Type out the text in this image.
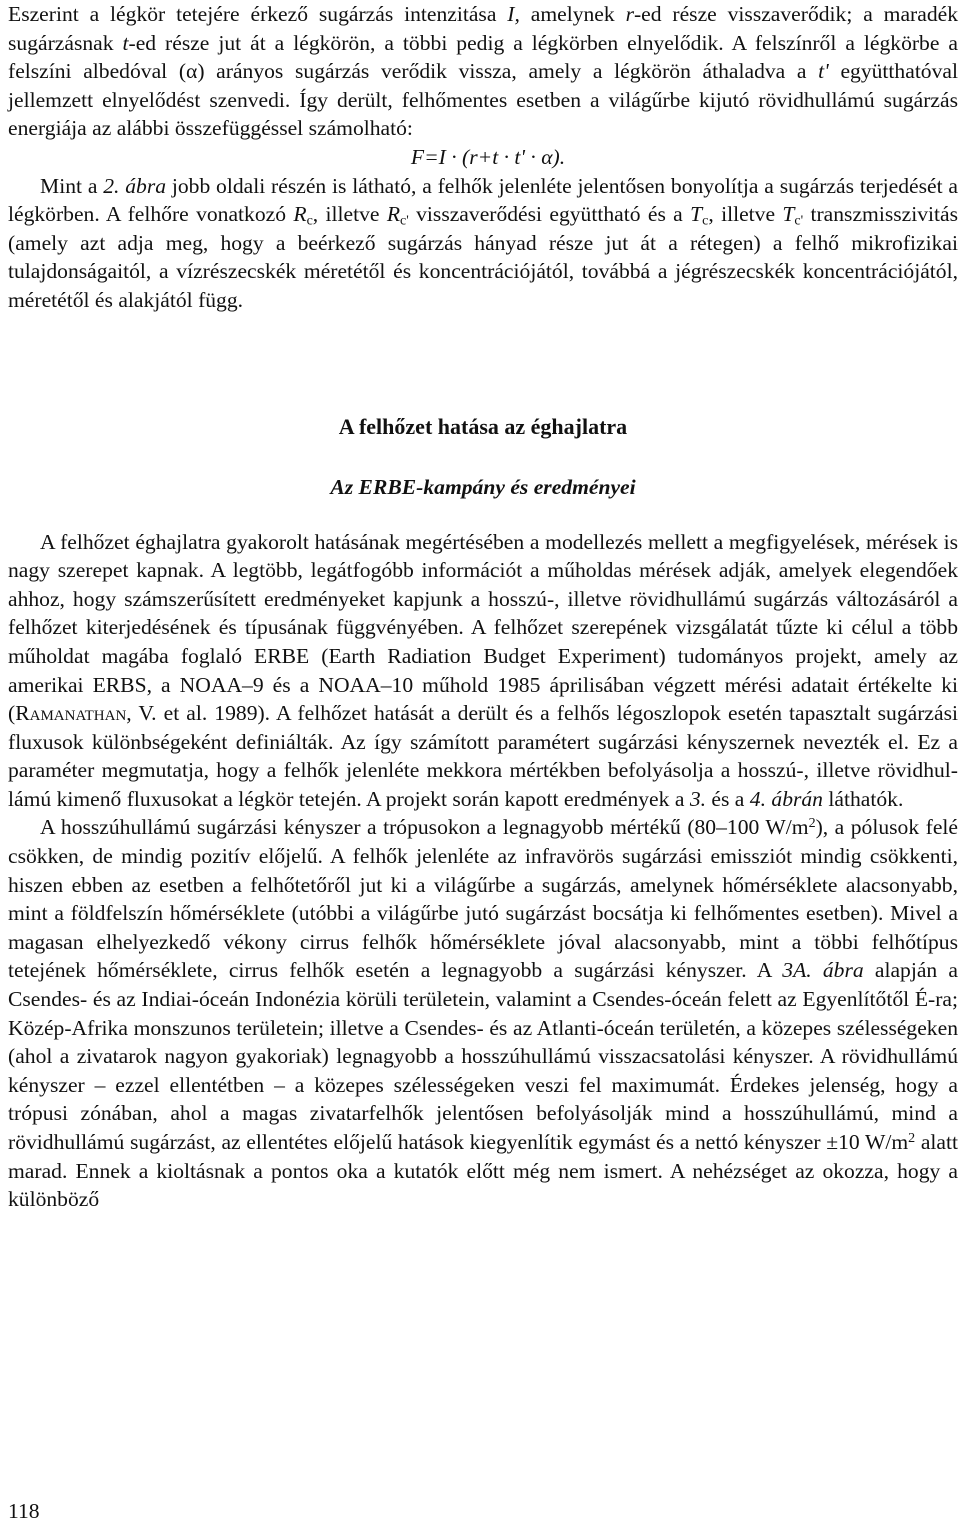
Eszerint a légkör tetejére érkező sugárzás intenzitása I, amelynek r-ed része visszaverődik; a maradék sugárzásnak t-ed része jut át a légkörön, a többi pedig a légkörben elnyelődik. A felszínről a légkörbe a felszíni albedóval (α) arányos sugárzás verődik vissza, amely a légkörön áthaladva a t' együtthatóval jellemzett elnyelődést szenvedi. Így derült, felhőmentes esetben a világűrbe kijutó rövidhullámú sugárzás energiája az alábbi összefüggéssel számolható:

F=I · (r+t · t' · α).

Mint a 2. ábra jobb oldali részén is látható, a felhők jelenléte jelentősen bonyolítja a sugárzás terjedését a légkörben. A felhőre vonatkozó $R_c$, illetve $R_{c'}$ visszaverődési együttható és a $T_c$, illetve $T_{c'}$ transzmisszivitás (amely azt adja meg, hogy a beérkező sugárzás hányad része jut át a rétegen) a felhő mikrofizikai tulajdonságaitól, a vízrészecskék méretétől és koncentrációjától, továbbá a jégrészecskék koncentrációjától, méretétől és alakjától függ.

A felhőzet hatása az éghajlatra
Az ERBE-kampány és eredményei

A felhőzet éghajlatra gyakorolt hatásának megértésében a modellezés mellett a megfigyelések, mérések is nagy szerepet kapnak. A legtöbb, legátfogóbb információt a műholdas mérések adják, amelyek elegendőek ahhoz, hogy számszerűsített eredményeket kapjunk a hosszú-, illetve rövidhullámú sugárzás változásáról a felhőzet kiterjedésének és típusának függvényében. A felhőzet szerepének vizsgálatát tűzte ki célul a több műholdat magába foglaló ERBE (Earth Radiation Budget Experiment) tudományos projekt, amely az amerikai ERBS, a NOAA–9 és a NOAA–10 műhold 1985 áprilisában végzett mérési adatait értékelte ki (Ramanathan, V. et al. 1989). A felhőzet hatását a derült és a felhős légoszlopok esetén tapasztalt sugárzási fluxusok különbségeként definiálták. Az így számított paramétert sugárzási kényszernek nevezték el. Ez a paraméter megmutatja, hogy a felhők jelenléte mekkora mértékben befolyásolja a hosszú-, illetve rövidhullámú kimenő fluxusokat a légkör tetején. A projekt során kapott eredmények a 3. és a 4. ábrán láthatók.

A hosszúhullámú sugárzási kényszer a trópusokon a legnagyobb mértékű (80–100 $W/m^2$), a pólusok felé csökken, de mindig pozitív előjelű. A felhők jelenléte az infravörös sugárzási emissziót mindig csökkenti, hiszen ebben az esetben a felhőtetőről jut ki a világűrbe a sugárzás, amelynek hőmérséklete alacsonyabb, mint a földfelszín hőmérséklete (utóbbi a világűrbe jutó sugárzást bocsátja ki felhőmentes esetben). Mivel a magasan elhelyezkedő vékony cirrus felhők hőmérséklete jóval alacsonyabb, mint a többi felhőtípus tetejének hőmérséklete, cirrus felhők esetén a legnagyobb a sugárzási kényszer. A 3A. ábra alapján a Csendes- és az Indiai-óceán Indonézia körüli területein, valamint a Csendes-óceán felett az Egyenlítőtől É-ra; Közép-Afrika monszunos területein; illetve a Csendes- és az Atlanti-óceán területén, a közepes szélességeken (ahol a zivatarok nagyon gyakoriak) legnagyobb a hosszúhullámú visszacsatolási kényszer. A rövidhullámú kényszer – ezzel ellentétben – a közepes szélességeken veszi fel maximumát. Érdekes jelenség, hogy a trópusi zónában, ahol a magas zivatarfelhők jelentősen befolyásolják mind a hosszúhullámú, mind a rövidhullámú sugárzást, az ellentétes előjelű hatások kiegyenlítik egymást és a nettó kényszer ±10 $W/m^2$ alatt marad. Ennek a kioltásnak a pontos oka a kutatók előtt még nem ismert. A nehézséget az okozza, hogy a különböző

118
